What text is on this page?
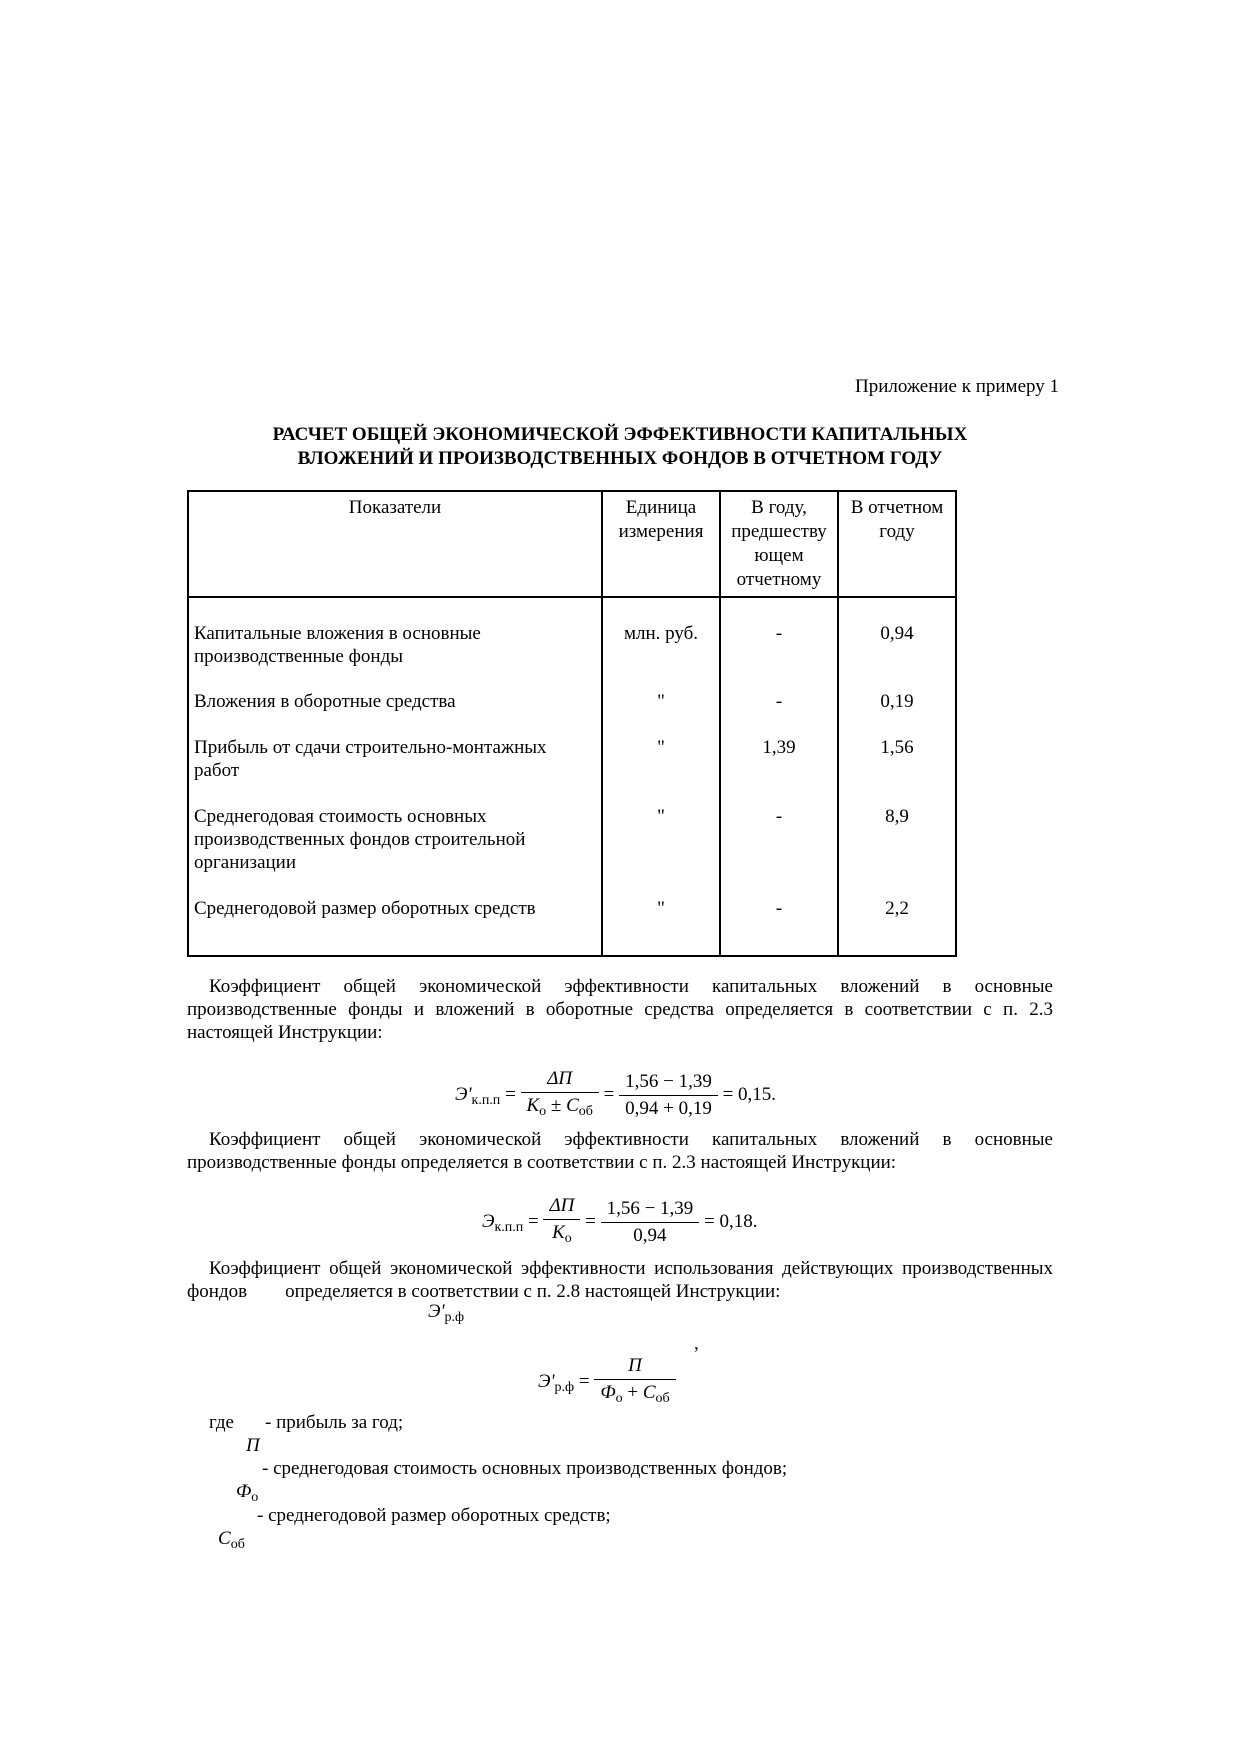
Приложение к примеру 1
РАСЧЕТ ОБЩЕЙ ЭКОНОМИЧЕСКОЙ ЭФФЕКТИВНОСТИ КАПИТАЛЬНЫХ
ВЛОЖЕНИЙ И ПРОИЗВОДСТВЕННЫХ ФОНДОВ В ОТЧЕТНОМ ГОДУ
Показатели	Единица измерения	В году, предшеству ющем отчетному	В отчетном году
Капитальные вложения в основные производственные фонды	млн. руб.	-	0,94
Вложения в оборотные средства	"	-	0,19
Прибыль от сдачи строительно-монтажных работ	"	1,39	1,56
Среднегодовая стоимость основных производственных фондов строительной организации	"	-	8,9
Среднегодовой размер оборотных средств	"	-	2,2
Коэффициент общей экономической эффективности капитальных вложений в основные производственные фонды и вложений в оборотные средства определяется в соответствии с п. 2.3 настоящей Инструкции:
$Э'_{к.п.п} = \frac{\Delta П}{К_о \pm С_{об}} = \frac{1,56 - 1,39}{0,94 + 0,19} = 0,15$.
Коэффициент общей экономической эффективности капитальных вложений в основные производственные фонды определяется в соответствии с п. 2.3 настоящей Инструкции:
$Э_{к.п.п} = \frac{\Delta П}{К_о} = \frac{1,56 - 1,39}{0,94} = 0,18$.
Коэффициент общей экономической эффективности использования действующих производственных фондов        определяется в соответствии с п. 2.8 настоящей Инструкции:
$Э'_{р.ф}$
,
$Э'_{р.ф} = \frac{П}{Ф_о + С_{об}}$
где - прибыль за год;
П
- среднегодовая стоимость основных производственных фондов;
$Ф_о$
- среднегодовой размер оборотных средств;
$С_{об}$
